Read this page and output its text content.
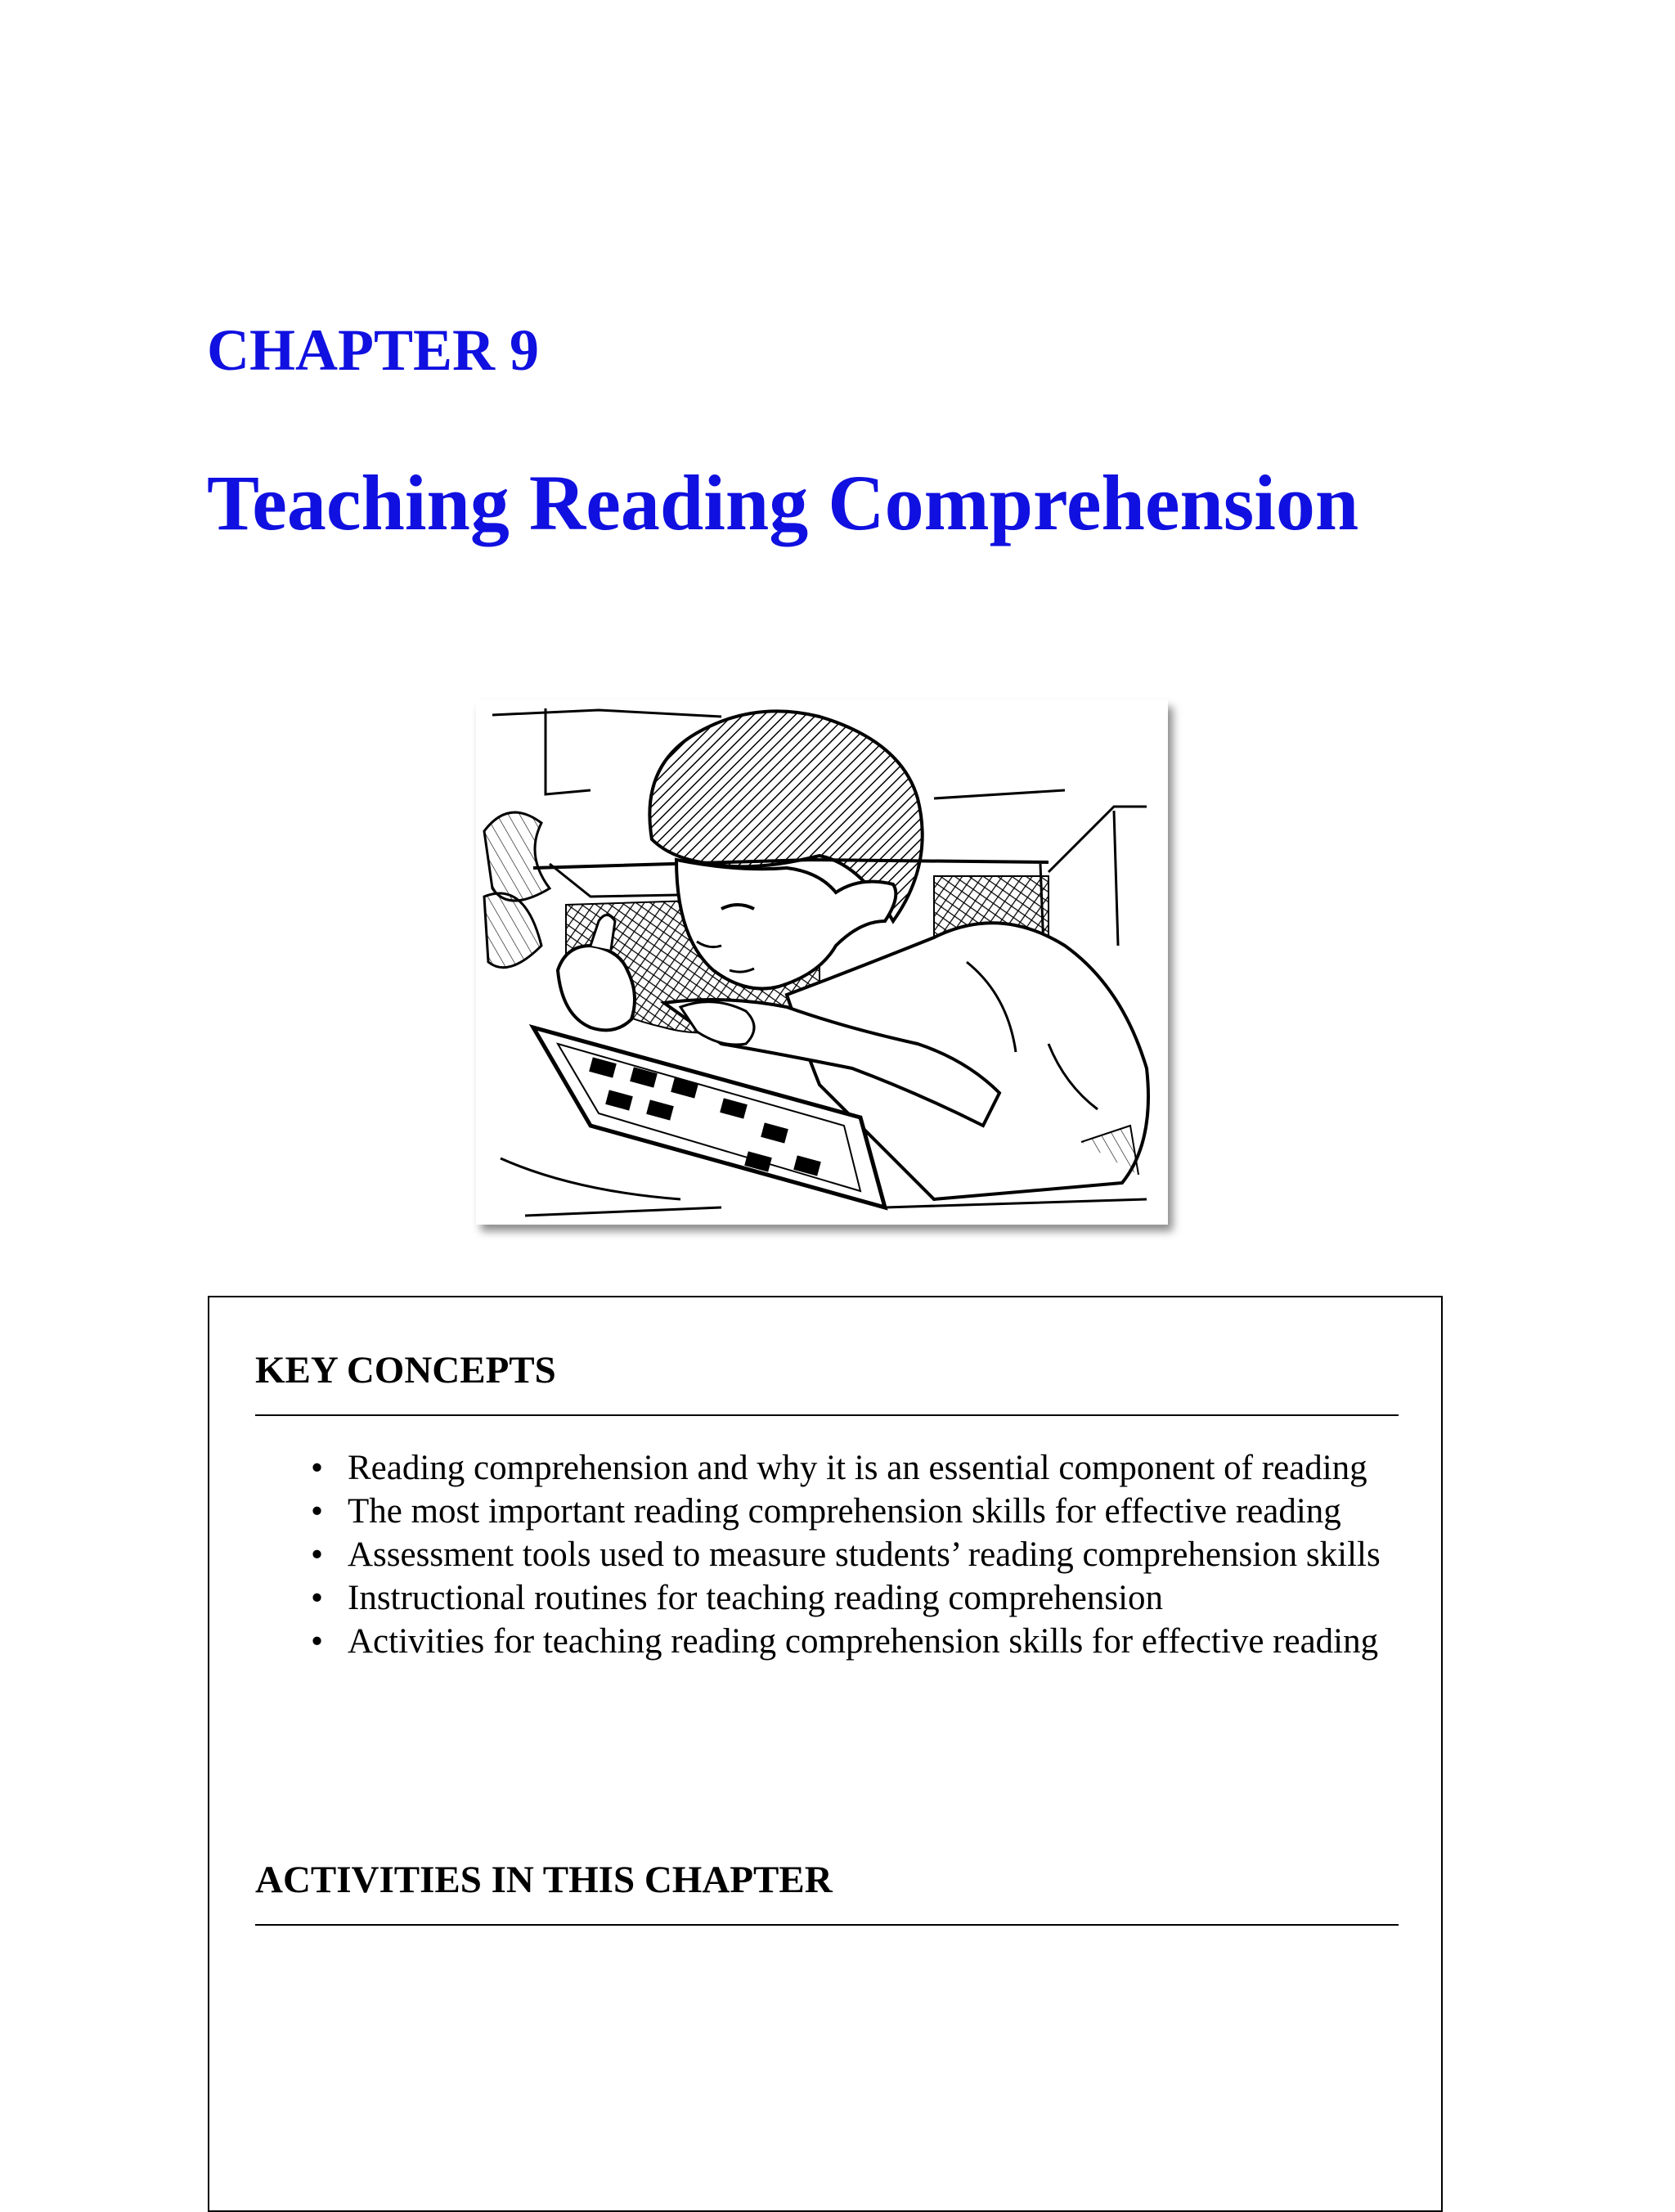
CHAPTER 9
Teaching Reading Comprehension
KEY CONCEPTS
• Reading comprehension and why it is an essential component of reading
• The most important reading comprehension skills for effective reading
• Assessment tools used to measure students’ reading comprehension skills
• Instructional routines for teaching reading comprehension
• Activities for teaching reading comprehension skills for effective reading
ACTIVITIES IN THIS CHAPTER
